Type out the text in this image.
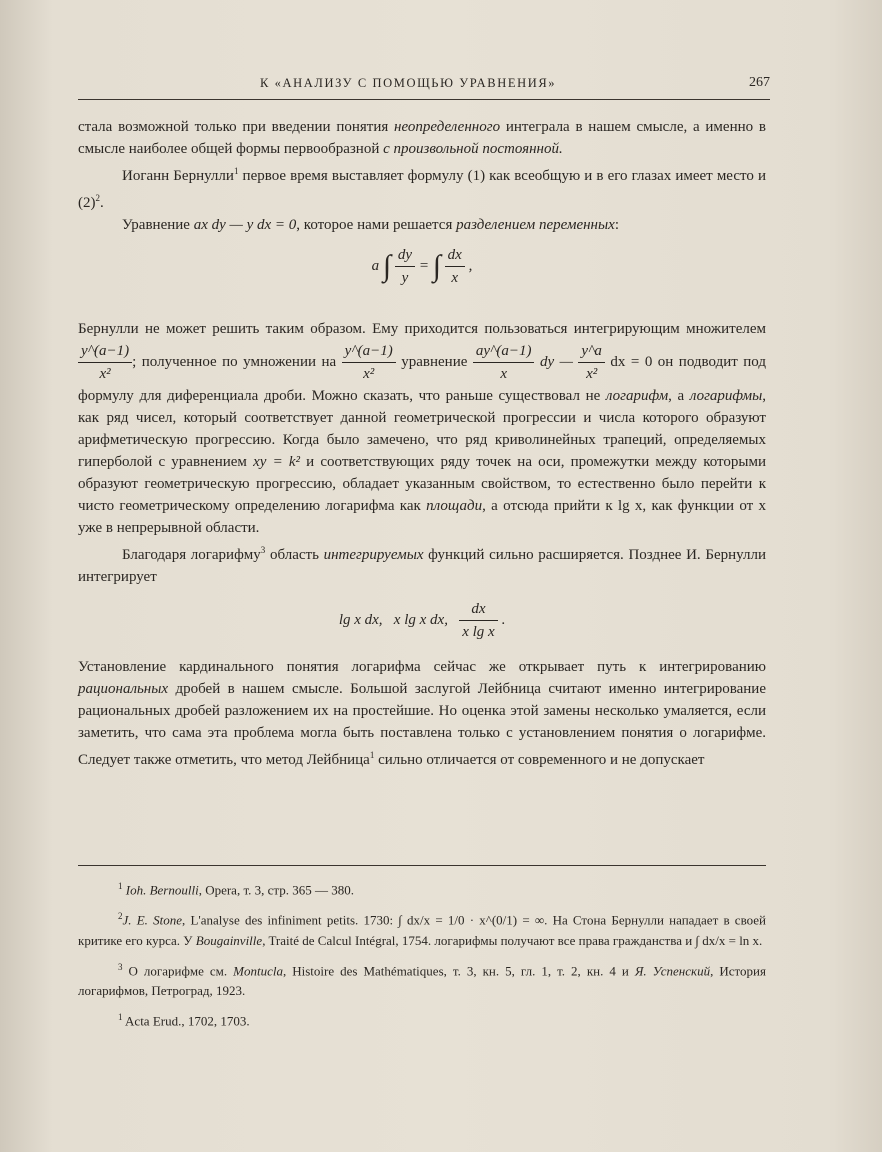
К «АНАЛИЗУ С ПОМОЩЬЮ УРАВНЕНИЯ»	267

стала возможной только при введении понятия неопределенного интеграла в нашем смысле, а именно в смысле наиболее общей формы первообразной с произвольной постоянной.

Иоганн Бернулли$^1$ первое время выставляет формулу (1) как всеобщую и в его глазах имеет место и $(2)^2$.

Уравнение ax dy — y dx = 0, которое нами решается разделением переменных:

a ∫ $\frac{dy}{y}$ = ∫ $\frac{dx}{x}$ ,

Бернулли не может решить таким образом. Ему приходится пользоваться интегрирующим множителем
$\frac{y\^{}(a-1)}{\text{x²}}$ ; полученное по умножении на $\frac{y\^{}(a-1)}{\text{x²}}$ уравнение $\frac{ay\^{}(a-1)}{x}$ dy — $\frac{y\^{}a}{\text{x²}}$ dx = 0 он подводит под формулу для диференциала дроби. Можно сказать, что раньше существовал не логарифм, а логарифмы, как ряд чисел, который соответствует данной геометрической прогрессии и числа которого образуют арифметическую прогрессию. Когда было замечено, что ряд криволинейных трапеций, определяемых гиперболой с уравнением xy = k² и соответствующих ряду точек на оси, промежутки между которыми образуют геометрическую прогрессию, обладает указанным свойством, то естественно было перейти к чисто геометрическому определению логарифма как площади, а отсюда прийти к lg x, как функции от x уже в непрерывной области.

Благодаря логарифму$^3$ область интегрируемых функций сильно расширяется. Позднее И. Бернулли интегрирует

lg x dx, x lg x dx, $\frac{dx}{\text{x lg x}}$ .

Установление кардинального понятия логарифма сейчас же открывает путь к интегрированию рациональных дробей в нашем смысле. Большой заслугой Лейбница считают именно интегрирование рациональных дробей разложением их на простейшие. Но оценка этой замены несколько умаляется, если заметить, что сама эта проблема могла быть поставлена только с установлением понятия о логарифме. Следует также отметить, что метод Лейбница$^1$ сильно отличается от современного и не допускает

$^1$ Ioh. Bernoulli, Opera, т. 3, стр. 365 — 380.

$^2$J. E. Stone, L'analyse des infiniment petits. 1730: ∫ dx/x = 1/0 · x^(0/1) = ∞. На Стона Бернулли нападает в своей критике его курса. У Bougainville, Traité de Calcul Intégral, 1754. логарифмы получают все права гражданства и ∫ dx/x = ln x.

$^3$ О логарифме см. Montucla, Histoire des Mathématiques, т. 3, кн. 5, гл. 1, т. 2, кн. 4 и Я. Успенский, История логарифмов, Петроград, 1923.

$^1$ Acta Erud., 1702, 1703.
